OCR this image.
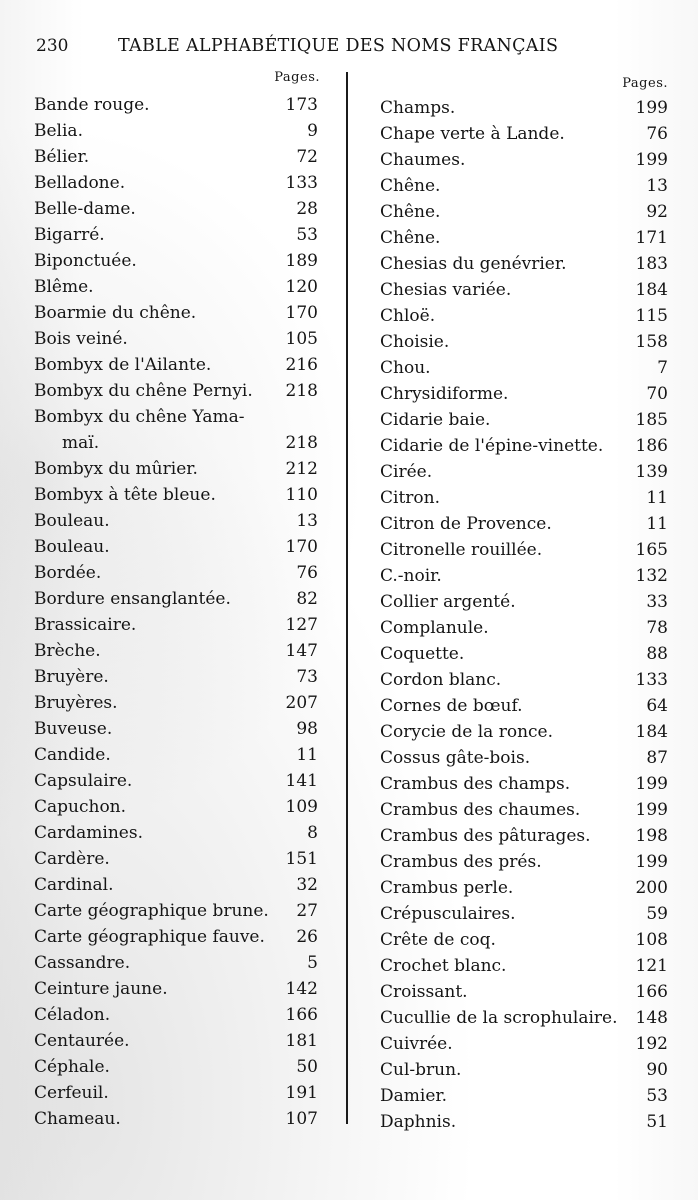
230	TABLE ALPHABÉTIQUE DES NOMS FRANÇAIS
Pages.
Bande rouge.	173
Belia.	9
Bélier.	72
Belladone.	133
Belle-dame.	28
Bigarré.	53
Biponctuée.	189
Blême.	120
Boarmie du chêne.	170
Bois veiné.	105
Bombyx de l'Ailante.	216
Bombyx du chêne Pernyi. 218
Bombyx du chêne Yama-
maï.	218
Bombyx du mûrier.	212
Bombyx à tête bleue.	110
Bouleau.	13
Bouleau.	170
Bordée.	76
Bordure ensanglantée.	82
Brassicaire.	127
Brèche.	147
Bruyère.	73
Bruyères.	207
Buveuse.	98
Candide.	11
Capsulaire.	141
Capuchon.	109
Cardamines.	8
Cardère.	151
Cardinal.	32
Carte géographique brune. 27
Carte géographique fauve. 26
Cassandre.	5
Ceinture jaune.	142
Céladon.	166
Centaurée.	181
Céphale.	50
Cerfeuil.	191
Chameau.	107
Pages.
Champs.	199
Chape verte à Lande.	76
Chaumes.	199
Chêne.	13
Chêne.	92
Chêne.	171
Chesias du genévrier.	183
Chesias variée.	184
Chloë.	115
Choisie.	158
Chou.	7
Chrysidiforme.	70
Cidarie baie.	185
Cidarie de l'épine-vinette. 186
Cirée.	139
Citron.	11
Citron de Provence.	11
Citronelle rouillée.	165
C.-noir.	132
Collier argenté.	33
Complanule.	78
Coquette.	88
Cordon blanc.	133
Cornes de bœuf.	64
Corycie de la ronce.	184
Cossus gâte-bois.	87
Crambus des champs.	199
Crambus des chaumes.	199
Crambus des pâturages.	198
Crambus des prés.	199
Crambus perle.	200
Crépusculaires.	59
Crête de coq.	108
Crochet blanc.	121
Croissant.	166
Cucullie de la scrophulaire. 148
Cuivrée.	192
Cul-brun.	90
Damier.	53
Daphnis.	51
